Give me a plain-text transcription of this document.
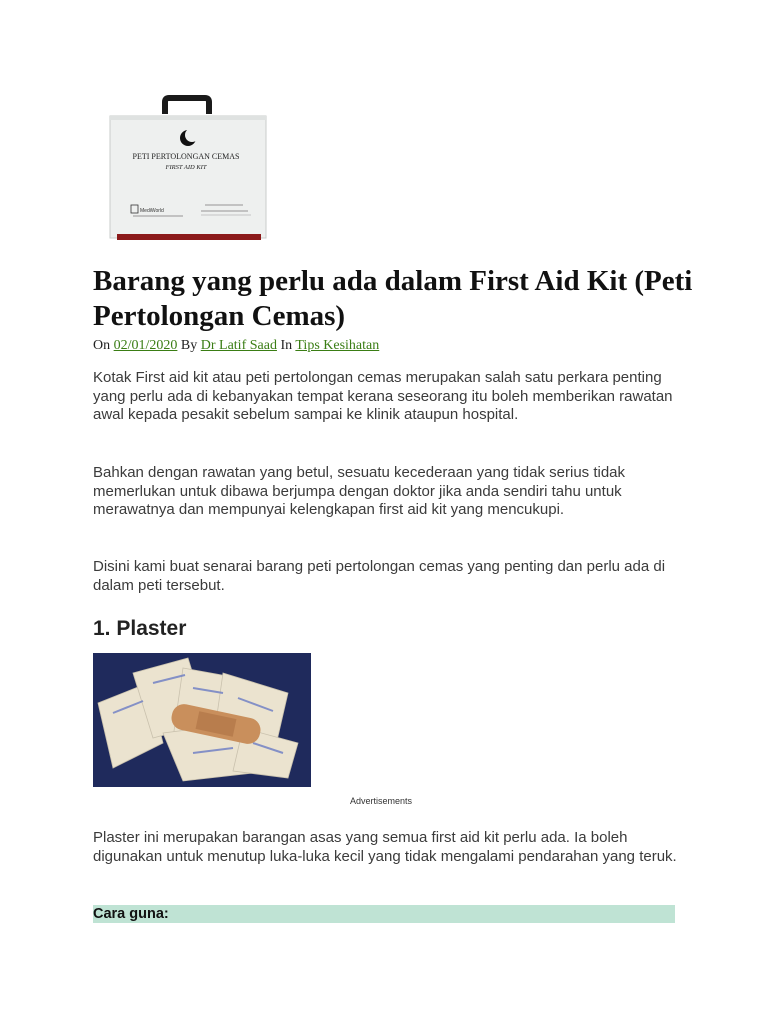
PETI PERTOLONGAN CEMAS
FIRST AID KIT
MediWorld
Barang yang perlu ada dalam First Aid Kit (Peti Pertolongan Cemas)
On 02/01/2020 By Dr Latif Saad In Tips Kesihatan

Kotak First aid kit atau peti pertolongan cemas merupakan salah satu perkara penting yang perlu ada di kebanyakan tempat kerana seseorang itu boleh memberikan rawatan awal kepada pesakit sebelum sampai ke klinik ataupun hospital.

Bahkan dengan rawatan yang betul, sesuatu kecederaan yang tidak serius tidak memerlukan untuk dibawa berjumpa dengan doktor jika anda sendiri tahu untuk merawatnya dan mempunyai kelengkapan first aid kit yang mencukupi.

Disini kami buat senarai barang peti pertolongan cemas yang penting dan perlu ada di dalam peti tersebut.

1. Plaster
Advertisements

Plaster ini merupakan barangan asas yang semua first aid kit perlu ada. Ia boleh digunakan untuk menutup luka-luka kecil yang tidak mengalami pendarahan yang teruk.

Cara guna:
